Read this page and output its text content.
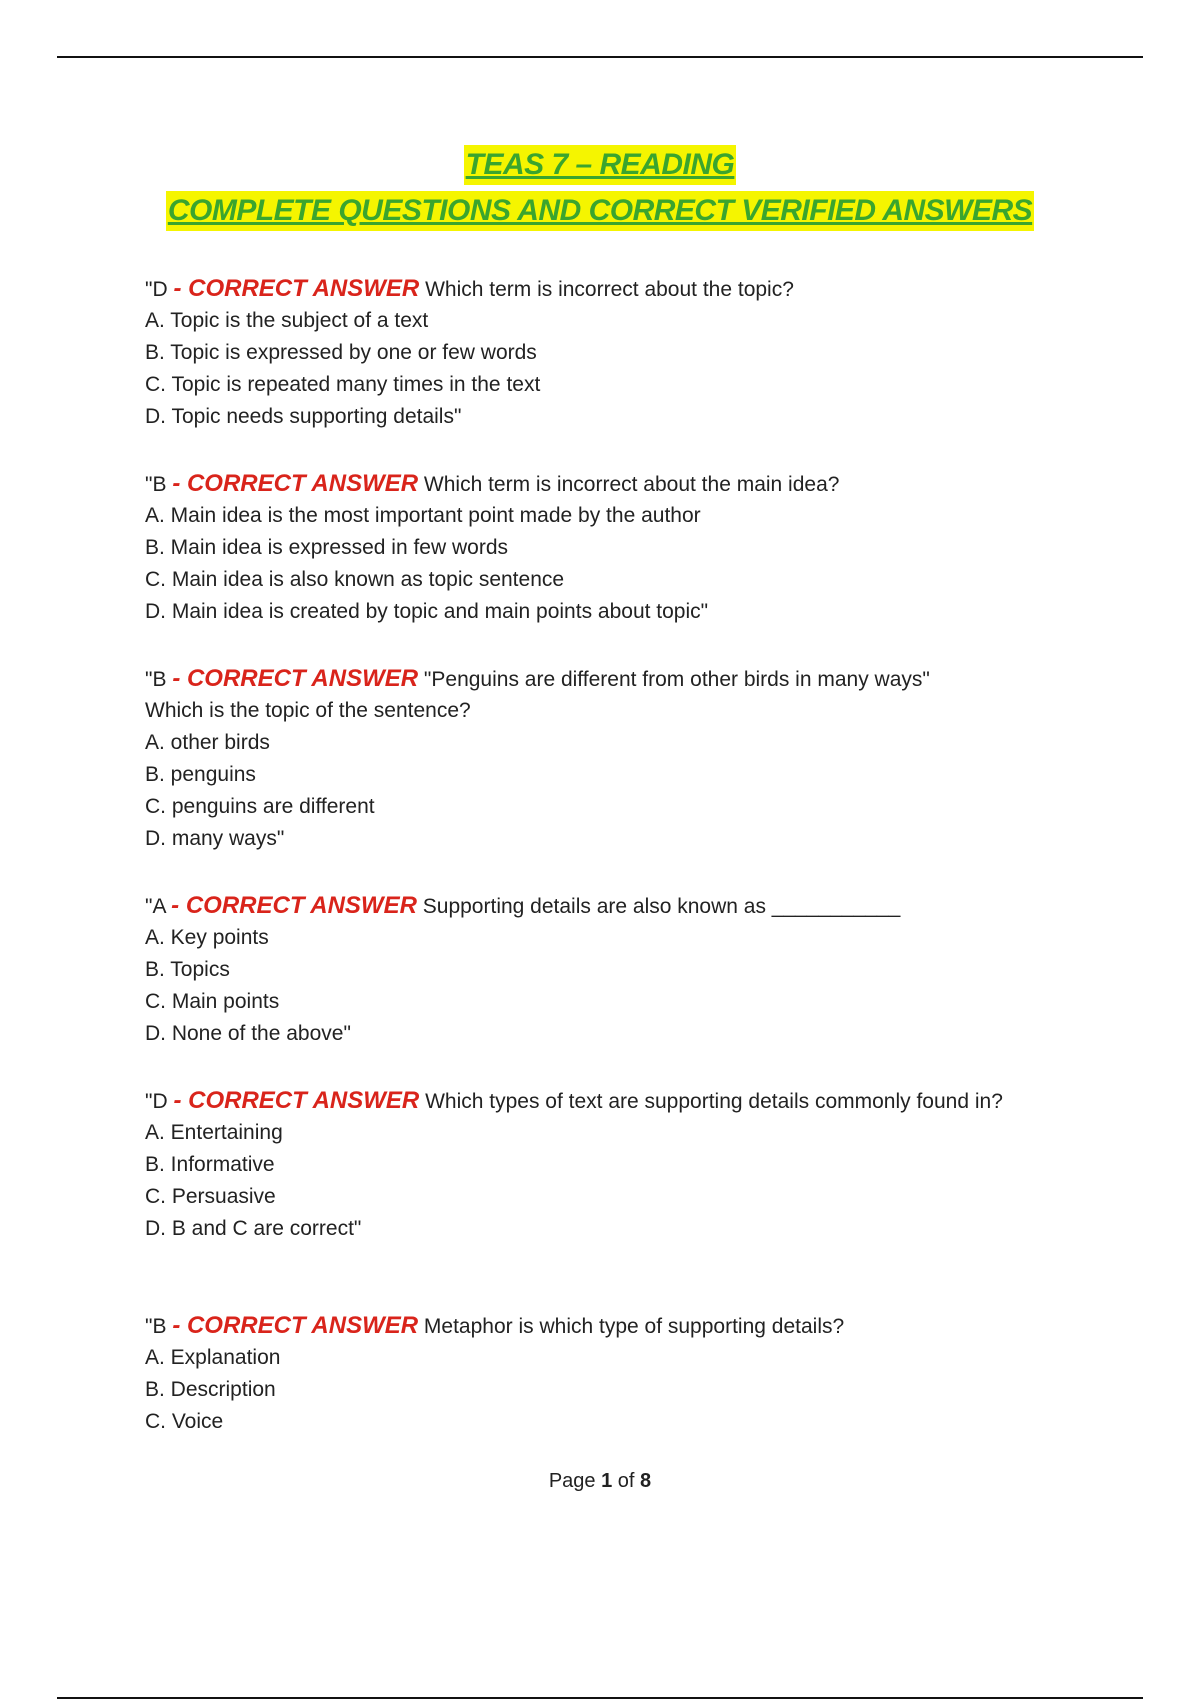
TEAS 7 – READING
COMPLETE QUESTIONS AND CORRECT VERIFIED ANSWERS
"D - CORRECT ANSWER Which term is incorrect about the topic?
A. Topic is the subject of a text
B. Topic is expressed by one or few words
C. Topic is repeated many times in the text
D. Topic needs supporting details"
"B - CORRECT ANSWER Which term is incorrect about the main idea?
A. Main idea is the most important point made by the author
B. Main idea is expressed in few words
C. Main idea is also known as topic sentence
D. Main idea is created by topic and main points about topic"
"B - CORRECT ANSWER "Penguins are different from other birds in many ways"
Which is the topic of the sentence?
A. other birds
B. penguins
C. penguins are different
D. many ways"
"A - CORRECT ANSWER Supporting details are also known as ___________
A. Key points
B. Topics
C. Main points
D. None of the above"
"D - CORRECT ANSWER Which types of text are supporting details commonly found in?
A. Entertaining
B. Informative
C. Persuasive
D. B and C are correct"
"B - CORRECT ANSWER Metaphor is which type of supporting details?
A. Explanation
B. Description
C. Voice
Page 1 of 8
